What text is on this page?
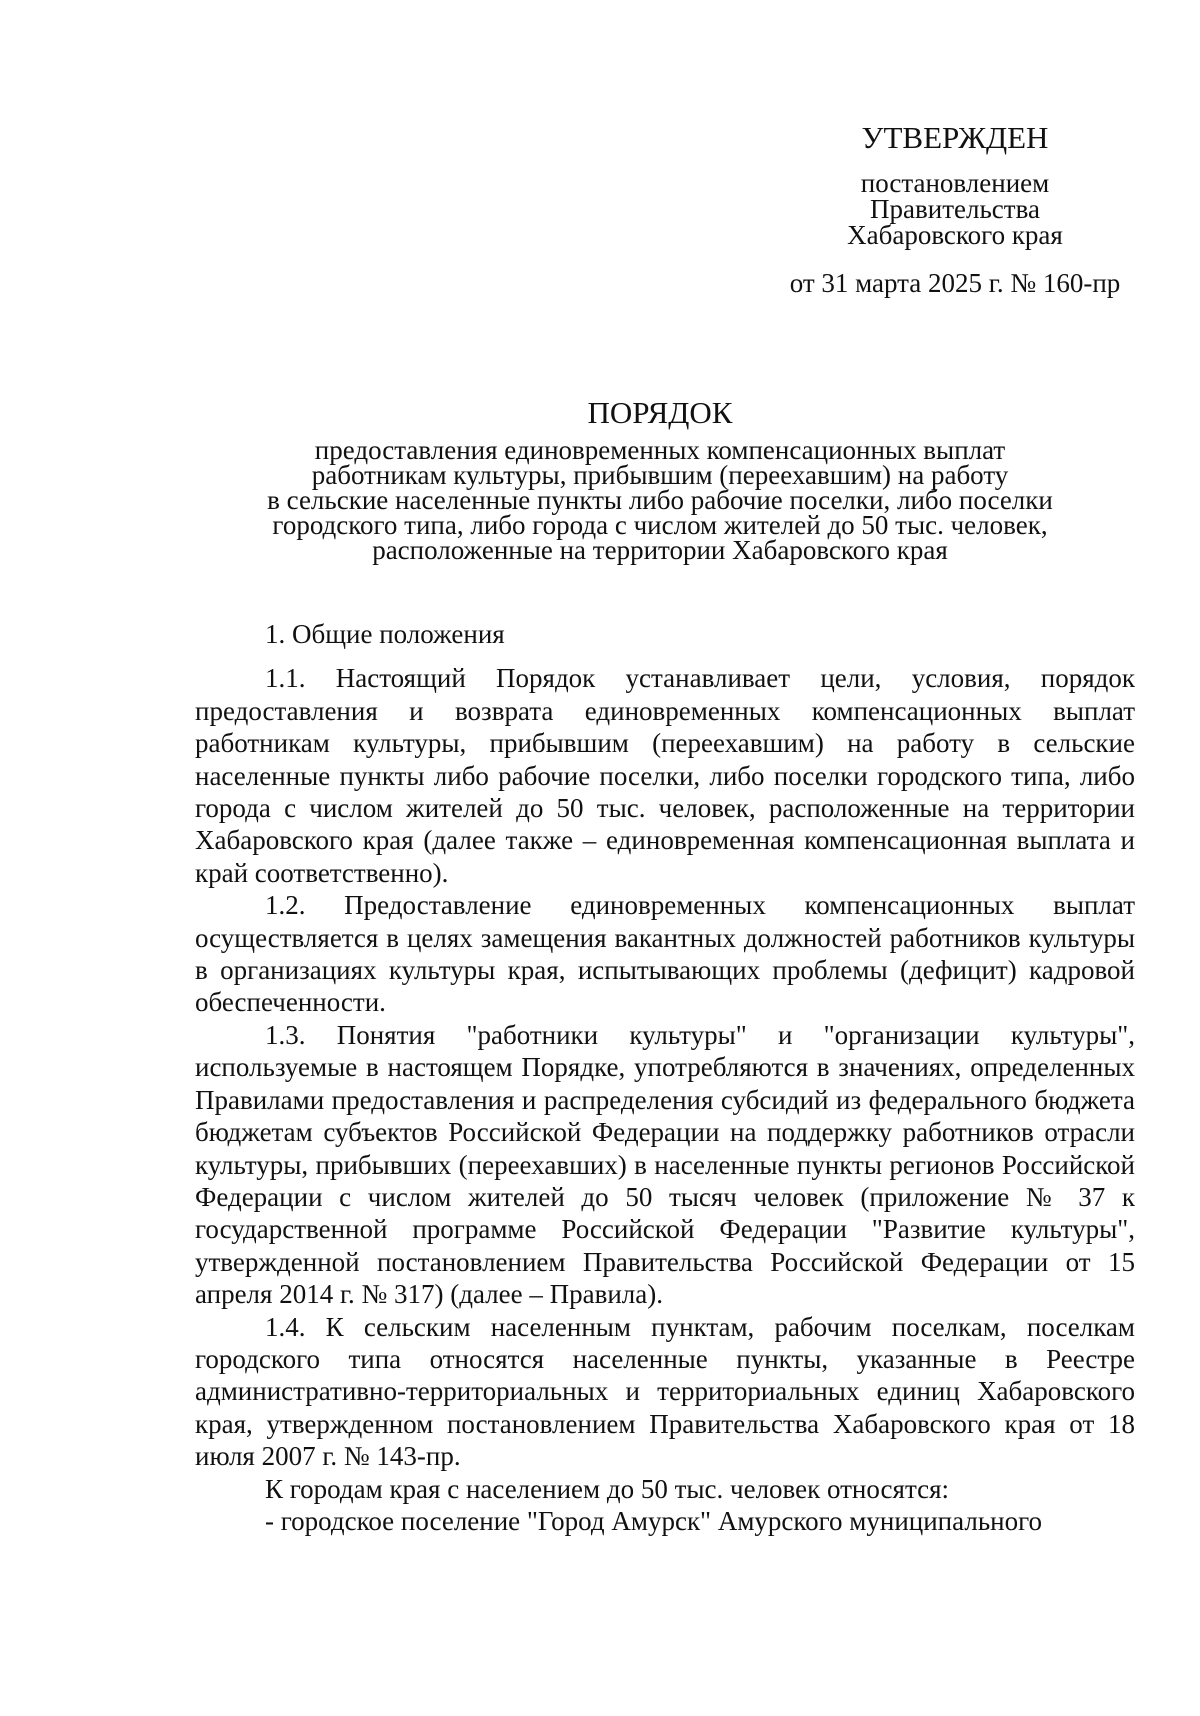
УТВЕРЖДЕН
постановлением
Правительства
Хабаровского края
от 31 марта 2025 г. № 160-пр
ПОРЯДОК
предоставления единовременных компенсационных выплат
работникам культуры, прибывшим (переехавшим) на работу
в сельские населенные пункты либо рабочие поселки, либо поселки
городского типа, либо города с числом жителей до 50 тыс. человек,
расположенные на территории Хабаровского края
1. Общие положения

1.1. Настоящий Порядок устанавливает цели, условия, порядок предоставления и возврата единовременных компенсационных выплат работникам культуры, прибывшим (переехавшим) на работу в сельские населенные пункты либо рабочие поселки, либо поселки городского типа, либо города с числом жителей до 50 тыс. человек, расположенные на территории Хабаровского края (далее также – единовременная компенсационная выплата и край соответственно).

1.2. Предоставление единовременных компенсационных выплат осуществляется в целях замещения вакантных должностей работников культуры в организациях культуры края, испытывающих проблемы (дефицит) кадровой обеспеченности.

1.3. Понятия "работники культуры" и "организации культуры", используемые в настоящем Порядке, употребляются в значениях, определенных Правилами предоставления и распределения субсидий из федерального бюджета бюджетам субъектов Российской Федерации на поддержку работников отрасли культуры, прибывших (переехавших) в населенные пункты регионов Российской Федерации с числом жителей до 50 тысяч человек (приложение № 37 к государственной программе Российской Федерации "Развитие культуры", утвержденной постановлением Правительства Российской Федерации от 15 апреля 2014 г. № 317) (далее – Правила).

1.4. К сельским населенным пунктам, рабочим поселкам, поселкам городского типа относятся населенные пункты, указанные в Реестре административно-территориальных и территориальных единиц Хабаровского края, утвержденном постановлением Правительства Хабаровского края от 18 июля 2007 г. № 143-пр.

К городам края с населением до 50 тыс. человек относятся:

- городское поселение "Город Амурск" Амурского муниципального
